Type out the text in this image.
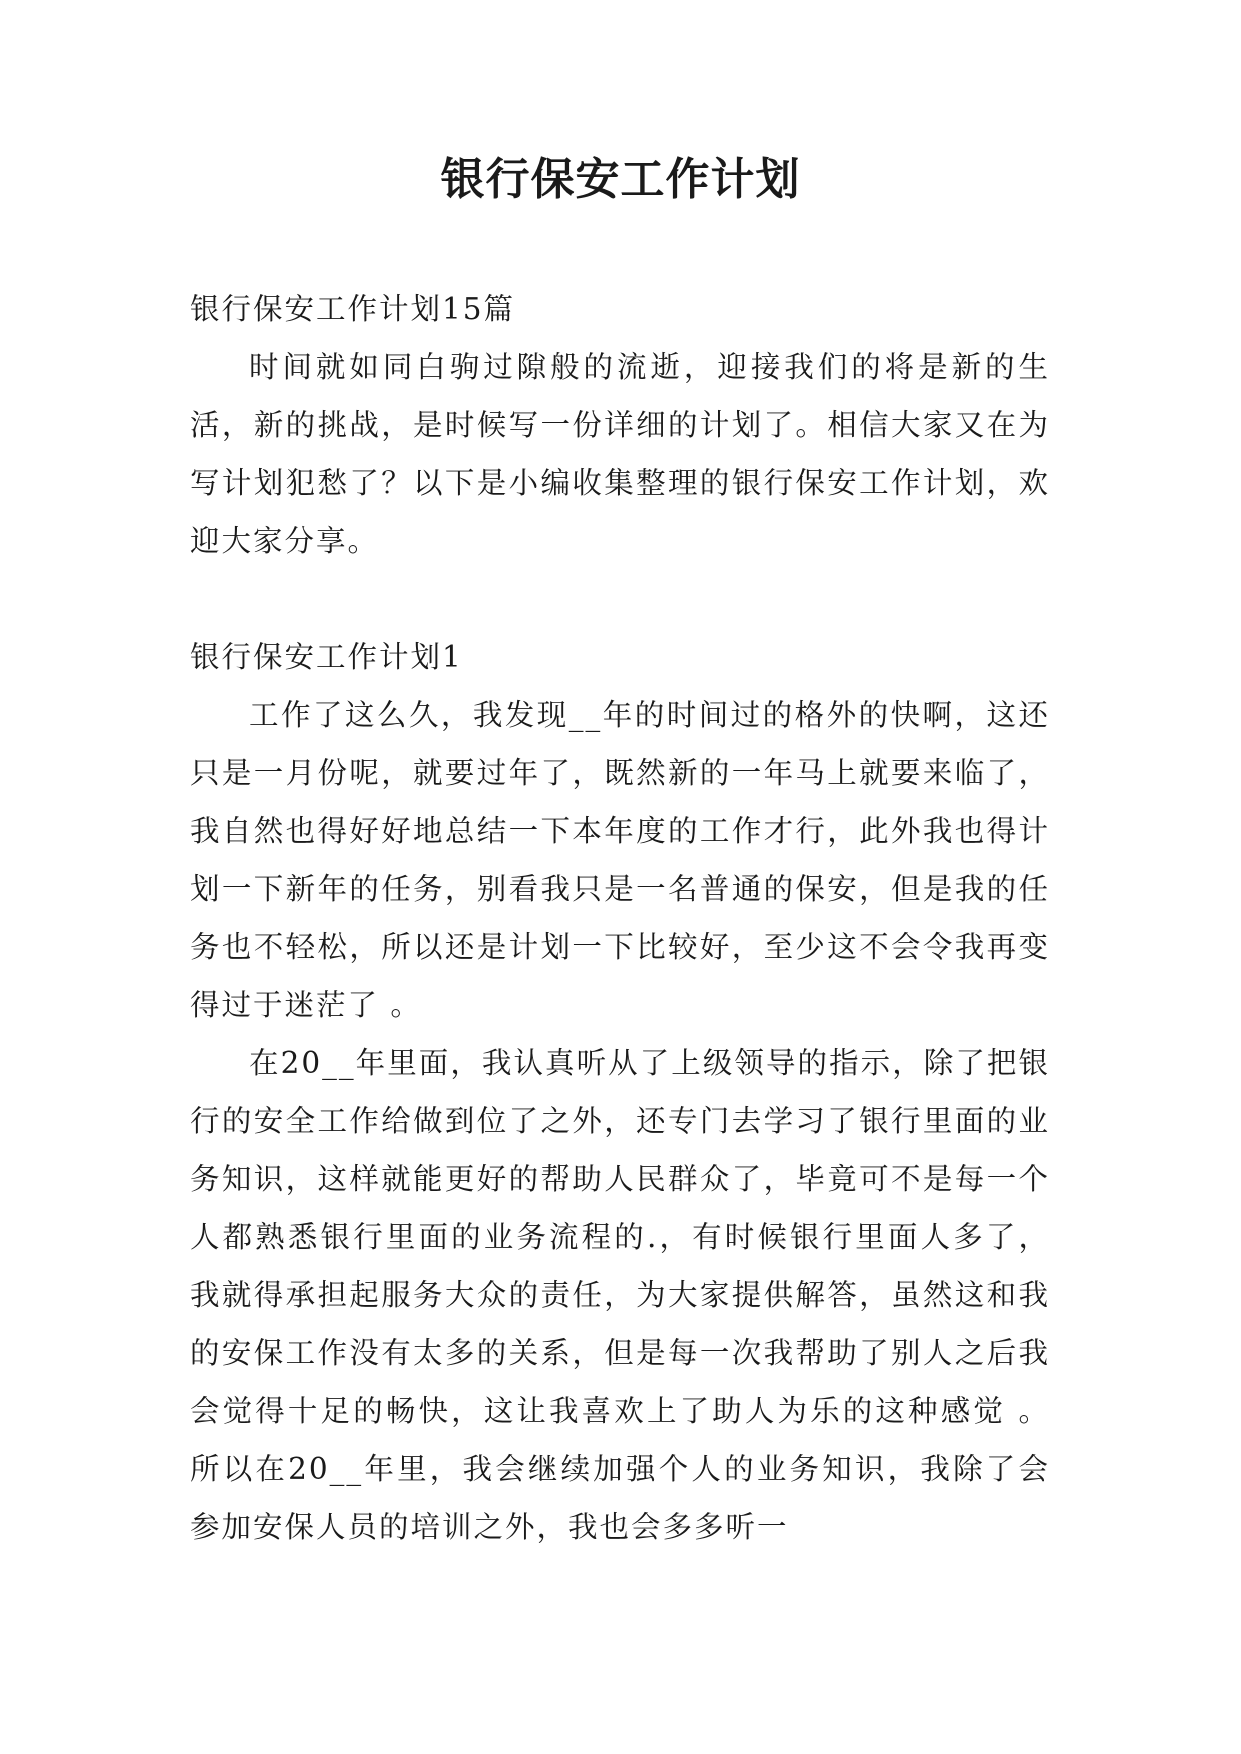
银行保安工作计划

银行保安工作计划15篇

时间就如同白驹过隙般的流逝，迎接我们的将是新的生活，新的挑战，是时候写一份详细的计划了。相信大家又在为写计划犯愁了？以下是小编收集整理的银行保安工作计划，欢迎大家分享。

银行保安工作计划1

工作了这么久，我发现__年的时间过的格外的快啊，这还只是一月份呢，就要过年了，既然新的一年马上就要来临了，我自然也得好好地总结一下本年度的工作才行，此外我也得计划一下新年的任务，别看我只是一名普通的保安，但是我的任务也不轻松，所以还是计划一下比较好，至少这不会令我再变得过于迷茫了 。

在20__年里面，我认真听从了上级领导的指示，除了把银行的安全工作给做到位了之外，还专门去学习了银行里面的业务知识，这样就能更好的帮助人民群众了，毕竟可不是每一个人都熟悉银行里面的业务流程的.，有时候银行里面人多了，我就得承担起服务大众的责任，为大家提供解答，虽然这和我的安保工作没有太多的关系，但是每一次我帮助了别人之后我会觉得十足的畅快，这让我喜欢上了助人为乐的这种感觉 。所以在20__年里，我会继续加强个人的业务知识，我除了会参加安保人员的培训之外，我也会多多听一
